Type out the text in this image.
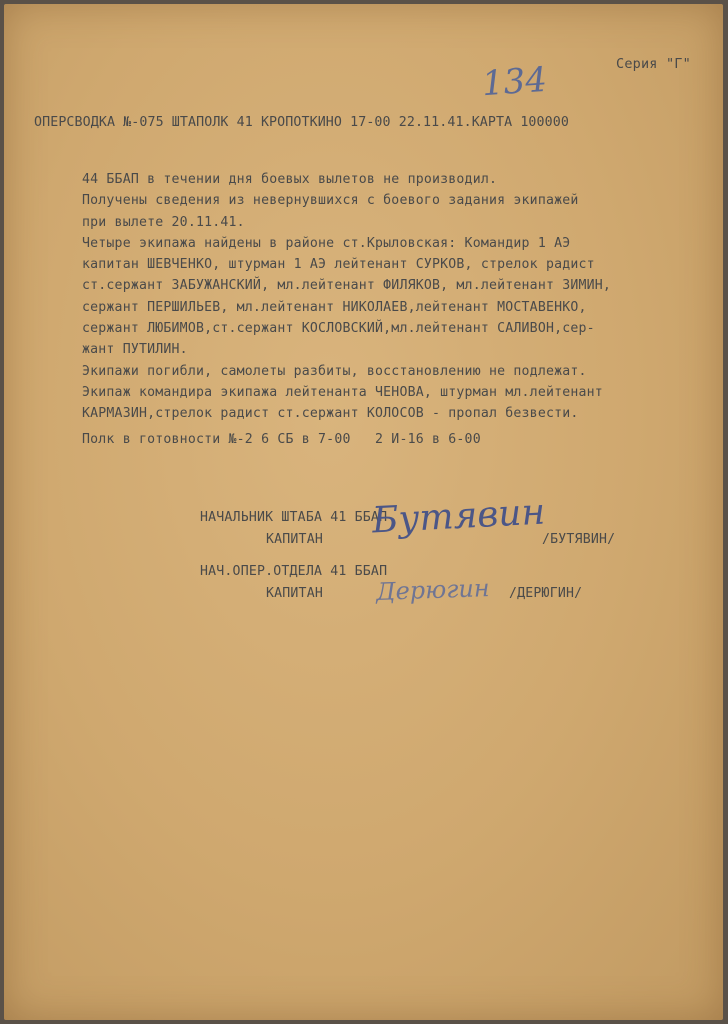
Серия "Г"
134
ОПЕРСВОДКА №-075 ШТАПОЛК 41 КРОПОТКИНО 17-00 22.11.41.КАРТА 100000
44 ББАП в течении дня боевых вылетов не производил.
Получены сведения из невернувшихся с боевого задания экипажей
при вылете 20.11.41.
Четыре экипажа найдены в районе ст.Крыловская: Командир 1 АЭ
капитан ШЕВЧЕНКО, штурман 1 АЭ лейтенант СУРКОВ, стрелок радист
ст.сержант ЗАБУЖАНСКИЙ, мл.лейтенант ФИЛЯКОВ, мл.лейтенант ЗИМИН,
сержант ПЕРШИЛЬЕВ, мл.лейтенант НИКОЛАЕВ,лейтенант МОСТАВЕНКО,
сержант ЛЮБИМОВ,ст.сержант КОСЛОВСКИЙ,мл.лейтенант САЛИВОН,сер-
жант ПУТИЛИН.
Экипажи погибли, самолеты разбиты, восстановлению не подлежат.
Экипаж командира экипажа лейтенанта ЧЕНОВА, штурман мл.лейтенант
КАРМАЗИН,стрелок радист ст.сержант КОЛОСОВ - пропал безвести.
Полк в готовности №-2 6 СБ в 7-00   2 И-16 в 6-00
НАЧАЛЬНИК ШТАБА 41 ББАП
КАПИТАН	/БУТЯВИН/
Бутявин
НАЧ.ОПЕР.ОТДЕЛА 41 ББАП
КАПИТАН	/ДЕРЮГИН/
Дерюгин
